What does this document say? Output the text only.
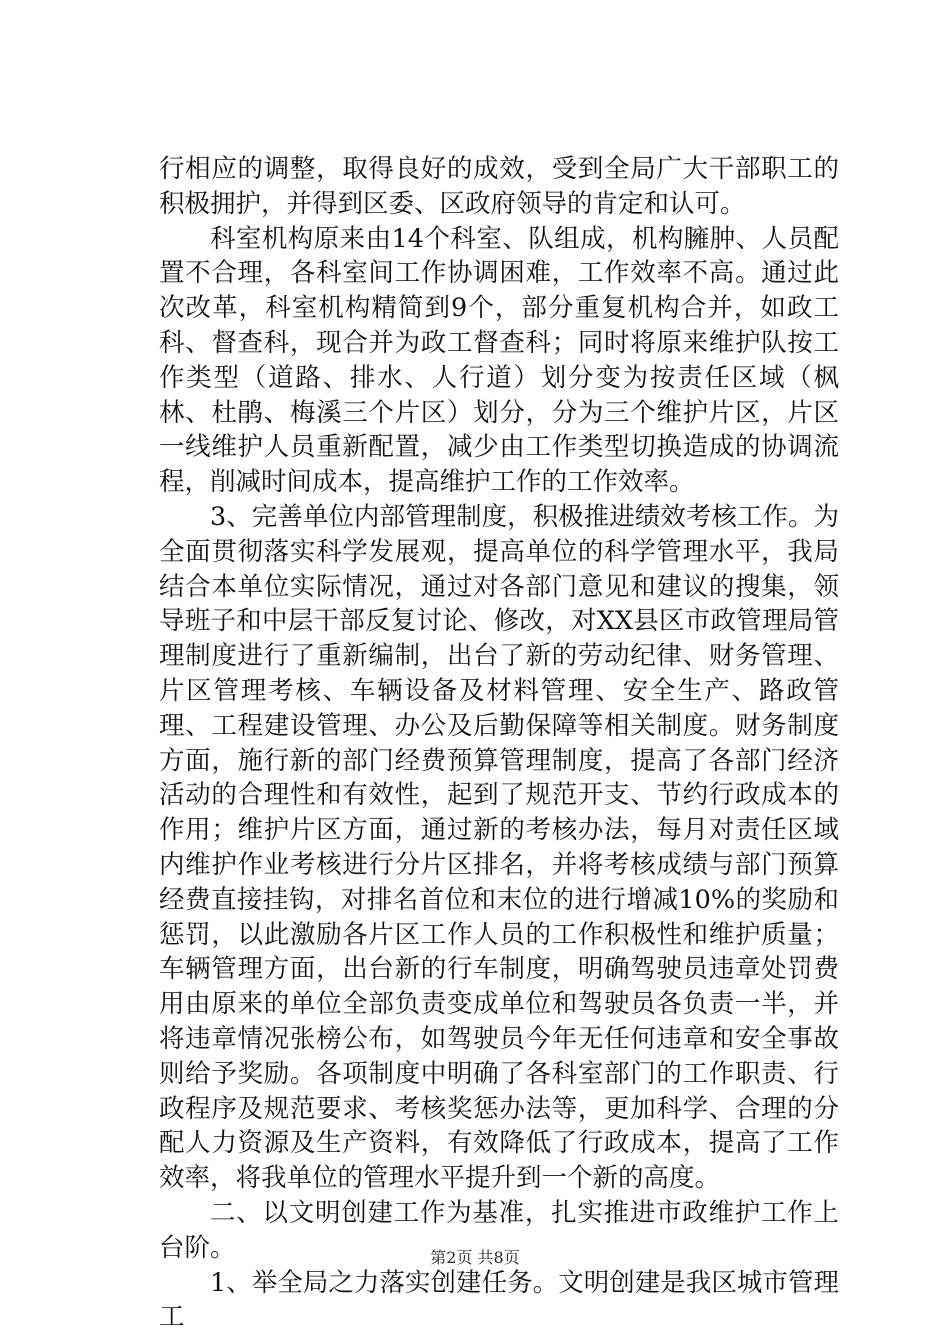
行相应的调整，取得良好的成效，受到全局广大干部职工的积极拥护，并得到区委、区政府领导的肯定和认可。

科室机构原来由14个科室、队组成，机构臃肿、人员配置不合理，各科室间工作协调困难，工作效率不高。通过此次改革，科室机构精简到9个，部分重复机构合并，如政工科、督查科，现合并为政工督查科；同时将原来维护队按工作类型（道路、排水、人行道）划分变为按责任区域（枫林、杜鹃、梅溪三个片区）划分，分为三个维护片区，片区一线维护人员重新配置，减少由工作类型切换造成的协调流程，削减时间成本，提高维护工作的工作效率。

3、完善单位内部管理制度，积极推进绩效考核工作。为全面贯彻落实科学发展观，提高单位的科学管理水平，我局结合本单位实际情况，通过对各部门意见和建议的搜集，领导班子和中层干部反复讨论、修改，对XX县区市政管理局管理制度进行了重新编制，出台了新的劳动纪律、财务管理、片区管理考核、车辆设备及材料管理、安全生产、路政管理、工程建设管理、办公及后勤保障等相关制度。财务制度方面，施行新的部门经费预算管理制度，提高了各部门经济活动的合理性和有效性，起到了规范开支、节约行政成本的作用；维护片区方面，通过新的考核办法，每月对责任区域内维护作业考核进行分片区排名，并将考核成绩与部门预算经费直接挂钩，对排名首位和末位的进行增减10%的奖励和惩罚，以此激励各片区工作人员的工作积极性和维护质量；车辆管理方面，出台新的行车制度，明确驾驶员违章处罚费用由原来的单位全部负责变成单位和驾驶员各负责一半，并将违章情况张榜公布，如驾驶员今年无任何违章和安全事故则给予奖励。各项制度中明确了各科室部门的工作职责、行政程序及规范要求、考核奖惩办法等，更加科学、合理的分配人力资源及生产资料，有效降低了行政成本，提高了工作效率，将我单位的管理水平提升到一个新的高度。

二、以文明创建工作为基准，扎实推进市政维护工作上台阶。

1、举全局之力落实创建任务。文明创建是我区城市管理工

第2页 共8页
